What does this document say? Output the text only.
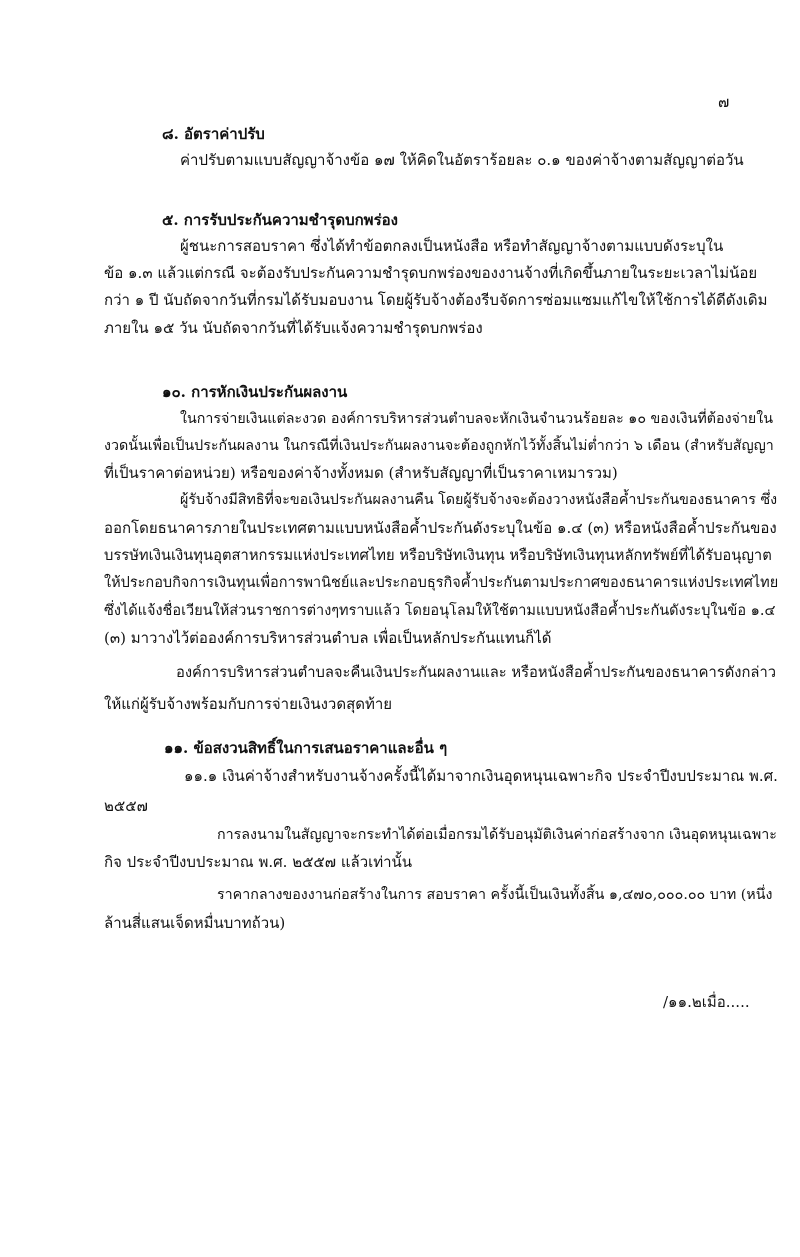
๗
๘. อัตราค่าปรับ
ค่าปรับตามแบบสัญญาจ้างข้อ ๑๗ ให้คิดในอัตราร้อยละ ๐.๑ ของค่าจ้างตามสัญญาต่อวัน
๕. การรับประกันความชำรุดบกพร่อง
ผู้ชนะการสอบราคา ซึ่งได้ทำข้อตกลงเป็นหนังสือ หรือทำสัญญาจ้างตามแบบดังระบุใน
ข้อ ๑.๓ แล้วแต่กรณี จะต้องรับประกันความชำรุดบกพร่องของงานจ้างที่เกิดขึ้นภายในระยะเวลาไม่น้อย
กว่า ๑ ปี นับถัดจากวันที่กรมได้รับมอบงาน โดยผู้รับจ้างต้องรีบจัดการซ่อมแซมแก้ไขให้ใช้การได้ดีดังเดิม
ภายใน ๑๕ วัน นับถัดจากวันที่ได้รับแจ้งความชำรุดบกพร่อง
๑๐. การหักเงินประกันผลงาน
ในการจ่ายเงินแต่ละงวด องค์การบริหารส่วนตำบลจะหักเงินจำนวนร้อยละ ๑๐ ของเงินที่ต้องจ่ายใน
งวดนั้นเพื่อเป็นประกันผลงาน ในกรณีที่เงินประกันผลงานจะต้องถูกหักไว้ทั้งสิ้นไม่ต่ำกว่า ๖ เดือน (สำหรับสัญญา
ที่เป็นราคาต่อหน่วย) หรือของค่าจ้างทั้งหมด (สำหรับสัญญาที่เป็นราคาเหมารวม)
ผู้รับจ้างมีสิทธิที่จะขอเงินประกันผลงานคืน โดยผู้รับจ้างจะต้องวางหนังสือค้ำประกันของธนาคาร ซึ่ง
ออกโดยธนาคารภายในประเทศตามแบบหนังสือค้ำประกันดังระบุในข้อ ๑.๔ (๓) หรือหนังสือค้ำประกันของ
บรรษัทเงินเงินทุนอุตสาหกรรมแห่งประเทศไทย หรือบริษัทเงินทุน หรือบริษัทเงินทุนหลักทรัพย์ที่ได้รับอนุญาต
ให้ประกอบกิจการเงินทุนเพื่อการพานิชย์และประกอบธุรกิจค้ำประกันตามประกาศของธนาคารแห่งประเทศไทย
ซึ่งได้แจ้งชื่อเวียนให้ส่วนราชการต่างๆทราบแล้ว โดยอนุโลมให้ใช้ตามแบบหนังสือค้ำประกันดังระบุในข้อ ๑.๔
(๓) มาวางไว้ต่อองค์การบริหารส่วนตำบล เพื่อเป็นหลักประกันแทนก็ได้
องค์การบริหารส่วนตำบลจะคืนเงินประกันผลงานและ หรือหนังสือค้ำประกันของธนาคารดังกล่าว
ให้แก่ผู้รับจ้างพร้อมกับการจ่ายเงินงวดสุดท้าย
๑๑. ข้อสงวนสิทธิ์ในการเสนอราคาและอื่น ๆ
๑๑.๑ เงินค่าจ้างสำหรับงานจ้างครั้งนี้ได้มาจากเงินอุดหนุนเฉพาะกิจ ประจำปีงบประมาณ พ.ศ.
๒๕๕๗
การลงนามในสัญญาจะกระทำได้ต่อเมื่อกรมได้รับอนุมัติเงินค่าก่อสร้างจาก เงินอุดหนุนเฉพาะ
กิจ ประจำปีงบประมาณ พ.ศ. ๒๕๕๗ แล้วเท่านั้น
ราคากลางของงานก่อสร้างในการ สอบราคา ครั้งนี้เป็นเงินทั้งสิ้น ๑,๔๗๐,๐๐๐.๐๐ บาท (หนึ่ง
ล้านสี่แสนเจ็ดหมื่นบาทถ้วน)
/๑๑.๒เมื่อ.....
